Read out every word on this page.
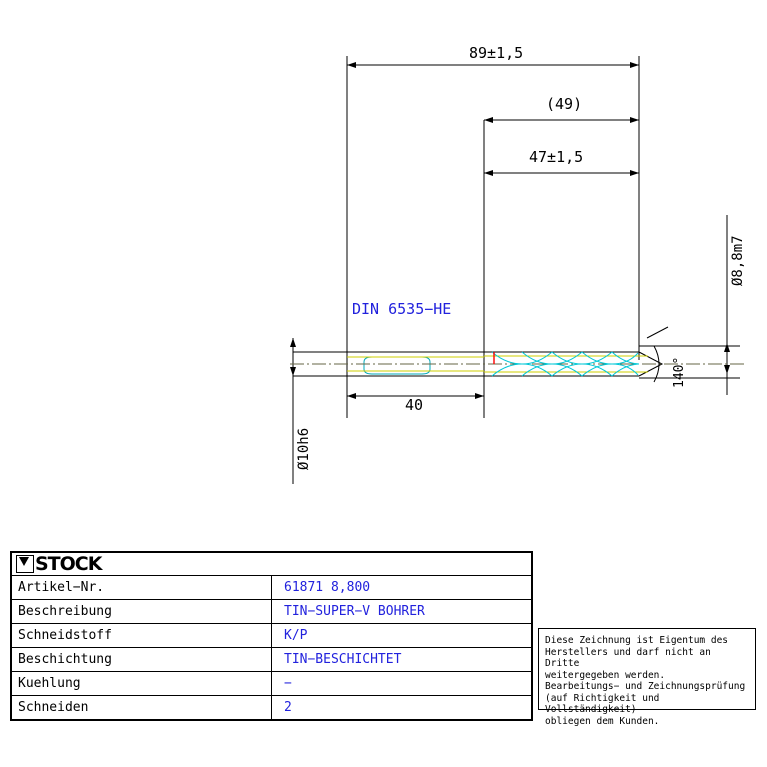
89±1,5
(49)
47±1,5
40
Ø10h6
Ø8,8m7
140°
DIN 6535−HE
STOCK	

Artikel−Nr.	61871 8,800
Beschreibung	TIN−SUPER−V BOHRER
Schneidstoff	K/P
Beschichtung	TIN−BESCHICHTET
Kuehlung	−
Schneiden	2

Diese Zeichnung ist Eigentum des

Herstellers und darf nicht an Dritte

weitergegeben werden.

Bearbeitungs− und Zeichnungsprüfung

(auf Richtigkeit und Vollständigkeit)

obliegen dem Kunden.
